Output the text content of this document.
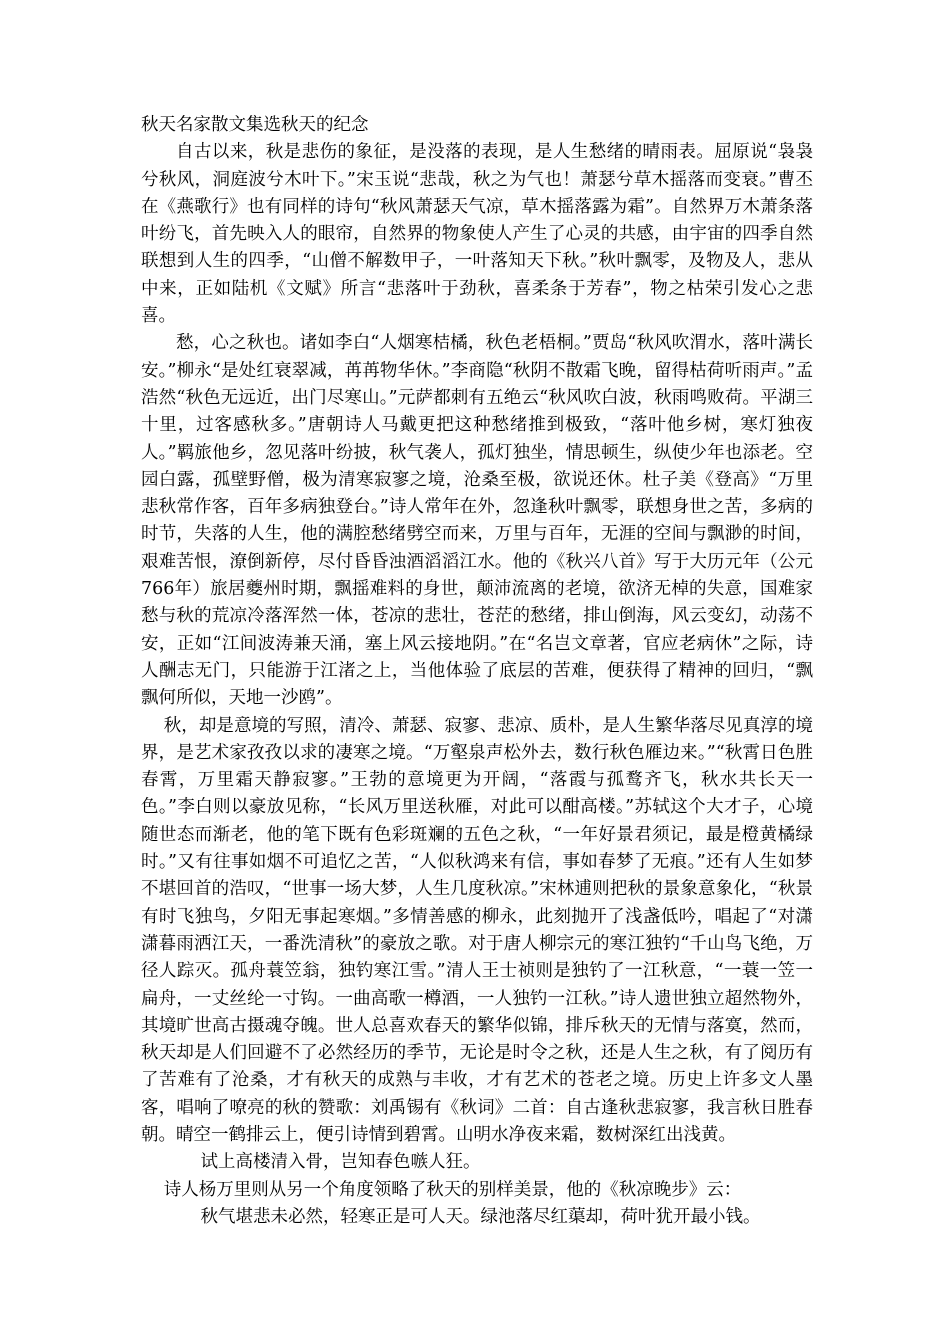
秋天名家散文集选秋天的纪念

自古以来，秋是悲伤的象征，是没落的表现，是人生愁绪的晴雨表。屈原说“袅袅兮秋风，洞庭波兮木叶下。”宋玉说“悲哉，秋之为气也！萧瑟兮草木摇落而变衰。”曹丕在《燕歌行》也有同样的诗句“秋风萧瑟天气凉，草木摇落露为霜”。自然界万木萧条落叶纷飞，首先映入人的眼帘，自然界的物象使人产生了心灵的共感，由宇宙的四季自然联想到人生的四季，“山僧不解数甲子，一叶落知天下秋。”秋叶飘零，及物及人，悲从中来，正如陆机《文赋》所言“悲落叶于劲秋，喜柔条于芳春”，物之枯荣引发心之悲喜。

愁，心之秋也。诸如李白“人烟寒桔橘，秋色老梧桐。”贾岛“秋风吹渭水，落叶满长安。”柳永“是处红衰翠减，苒苒物华休。”李商隐“秋阴不散霜飞晚，留得枯荷听雨声。”孟浩然“秋色无远近，出门尽寒山。”元萨都刺有五绝云“秋风吹白波，秋雨鸣败荷。平湖三十里，过客感秋多。”唐朝诗人马戴更把这种愁绪推到极致，“落叶他乡树，寒灯独夜人。”羁旅他乡，忽见落叶纷披，秋气袭人，孤灯独坐，情思顿生，纵使少年也添老。空园白露，孤壁野僧，极为清寒寂寥之境，沧桑至极，欲说还休。杜子美《登高》“万里悲秋常作客，百年多病独登台。”诗人常年在外，忽逢秋叶飘零，联想身世之苦，多病的时节，失落的人生，他的满腔愁绪劈空而来，万里与百年，无涯的空间与飘渺的时间，艰难苦恨，潦倒新停，尽付昏昏浊酒滔滔江水。他的《秋兴八首》写于大历元年（公元766年）旅居夔州时期，飘摇难料的身世，颠沛流离的老境，欲济无棹的失意，国难家愁与秋的荒凉冷落浑然一体，苍凉的悲壮，苍茫的愁绪，排山倒海，风云变幻，动荡不安，正如“江间波涛兼天涌，塞上风云接地阴。”在“名岂文章著，官应老病休”之际，诗人酬志无门，只能游于江渚之上，当他体验了底层的苦难，便获得了精神的回归，“飘飘何所似，天地一沙鸥”。

秋，却是意境的写照，清冷、萧瑟、寂寥、悲凉、质朴，是人生繁华落尽见真淳的境界，是艺术家孜孜以求的凄寒之境。“万壑泉声松外去，数行秋色雁边来。”“秋霄日色胜春霄，万里霜天静寂寥。”王勃的意境更为开阔，“落霞与孤鹜齐飞，秋水共长天一色。”李白则以豪放见称，“长风万里送秋雁，对此可以酣高楼。”苏轼这个大才子，心境随世态而渐老，他的笔下既有色彩斑斓的五色之秋，“一年好景君须记，最是橙黄橘绿时。”又有往事如烟不可追忆之苦，“人似秋鸿来有信，事如春梦了无痕。”还有人生如梦不堪回首的浩叹，“世事一场大梦，人生几度秋凉。”宋林逋则把秋的景象意象化，“秋景有时飞独鸟，夕阳无事起寒烟。”多情善感的柳永，此刻抛开了浅盏低吟，唱起了“对潇潇暮雨洒江天，一番洗清秋”的豪放之歌。对于唐人柳宗元的寒江独钓“千山鸟飞绝，万径人踪灭。孤舟蓑笠翁，独钓寒江雪。”清人王士祯则是独钓了一江秋意，“一蓑一笠一扁舟，一丈丝纶一寸钩。一曲高歌一樽酒，一人独钓一江秋。”诗人遗世独立超然物外，其境旷世高古摄魂夺魄。世人总喜欢春天的繁华似锦，排斥秋天的无情与落寞，然而，秋天却是人们回避不了必然经历的季节，无论是时令之秋，还是人生之秋，有了阅历有了苦难有了沧桑，才有秋天的成熟与丰收，才有艺术的苍老之境。历史上许多文人墨客，唱响了嘹亮的秋的赞歌：刘禹锡有《秋词》二首：自古逢秋悲寂寥，我言秋日胜春朝。晴空一鹤排云上，便引诗情到碧霄。山明水净夜来霜，数树深红出浅黄。

试上高楼清入骨，岂知春色嗾人狂。

诗人杨万里则从另一个角度领略了秋天的别样美景，他的《秋凉晚步》云：

秋气堪悲未必然，轻寒正是可人天。绿池落尽红蕖却，荷叶犹开最小钱。
